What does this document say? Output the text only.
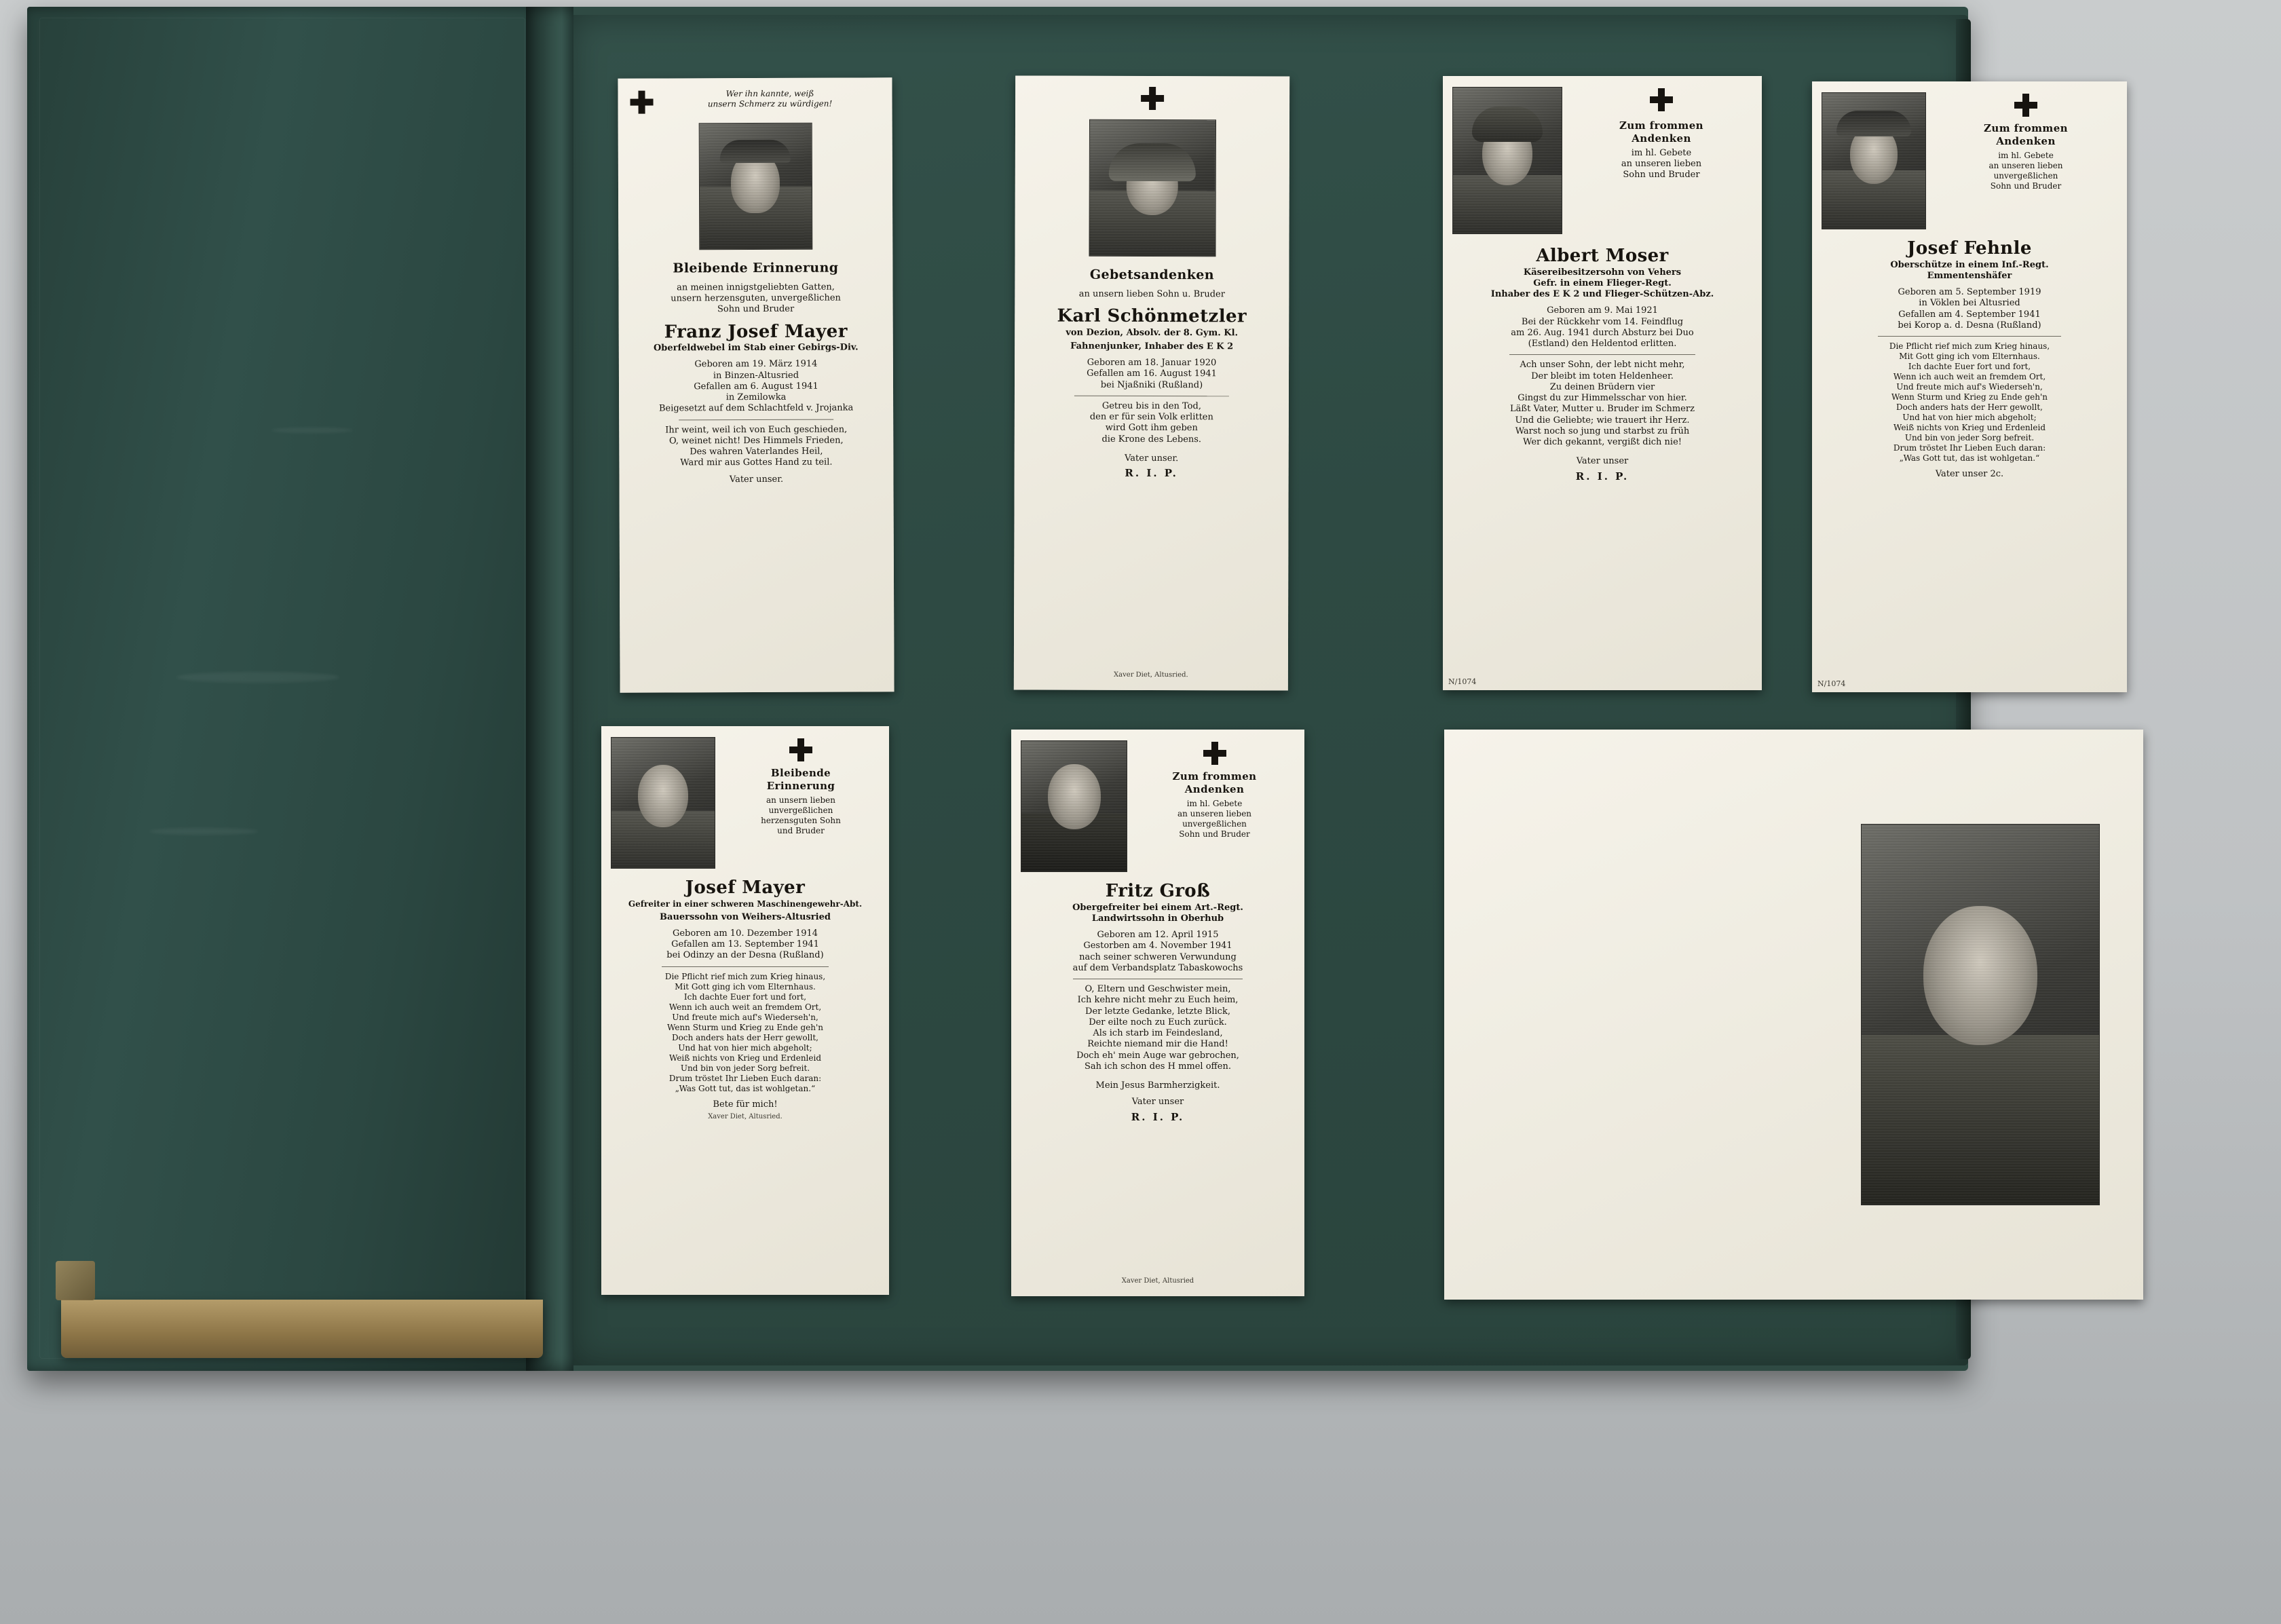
Wer ihn kannte, weiß
unsern Schmerz zu würdigen!
Bleibende Erinnerung
an meinen innigstgeliebten Gatten,
unsern herzensguten, unvergeßlichen
Sohn und Bruder
Franz Josef Mayer
Oberfeldwebel im Stab einer Gebirgs-Div.
Geboren am 19. März 1914
in Binzen-Altusried
Gefallen am 6. August 1941
in Zemilowka
Beigesetzt auf dem Schlachtfeld v. Jrojanka
Ihr weint, weil ich von Euch geschieden,
O, weinet nicht! Des Himmels Frieden,
Des wahren Vaterlandes Heil,
Ward mir aus Gottes Hand zu teil.
Vater unser.
Gebetsandenken
an unsern lieben Sohn u. Bruder
Karl Schönmetzler
von Dezion, Absolv. der 8. Gym. Kl.
Fahnenjunker, Inhaber des E K 2
Geboren am 18. Januar 1920
Gefallen am 16. August 1941
bei Njaßniki (Rußland)
Getreu bis in den Tod,
den er für sein Volk erlitten
wird Gott ihm geben
die Krone des Lebens.
Vater unser.
R. I. P.
Xaver Diet, Altusried.
Zum frommen
Andenken
im hl. Gebete
an unseren lieben
Sohn und Bruder
Albert Moser
Käsereibesitzersohn von Vehers
Gefr. in einem Flieger-Regt.
Inhaber des E K 2 und Flieger-Schützen-Abz.
Geboren am 9. Mai 1921
Bei der Rückkehr vom 14. Feindflug
am 26. Aug. 1941 durch Absturz bei Duo
(Estland) den Heldentod erlitten.
Ach unser Sohn, der lebt nicht mehr,
Der bleibt im toten Heldenheer.
Zu deinen Brüdern vier
Gingst du zur Himmelsschar von hier.
Läßt Vater, Mutter u. Bruder im Schmerz
Und die Geliebte; wie trauert ihr Herz.
Warst noch so jung und starbst zu früh
Wer dich gekannt, vergißt dich nie!
Vater unser
R. I. P.
N/1074
Zum frommen
Andenken
im hl. Gebete
an unseren lieben
unvergeßlichen
Sohn und Bruder
Josef Fehnle
Oberschütze in einem Inf.-Regt.
Emmentenshäfer
Geboren am 5. September 1919
in Vöklen bei Altusried
Gefallen am 4. September 1941
bei Korop a. d. Desna (Rußland)
Die Pflicht rief mich zum Krieg hinaus,
Mit Gott ging ich vom Elternhaus.
Ich dachte Euer fort und fort,
Wenn ich auch weit an fremdem Ort,
Und freute mich auf's Wiederseh'n,
Wenn Sturm und Krieg zu Ende geh'n
Doch anders hats der Herr gewollt,
Und hat von hier mich abgeholt;
Weiß nichts von Krieg und Erdenleid
Und bin von jeder Sorg befreit.
Drum tröstet Ihr Lieben Euch daran:
„Was Gott tut, das ist wohlgetan.“
Vater unser 2c.
N/1074
Bleibende
Erinnerung
an unsern lieben
unvergeßlichen
herzensguten Sohn
und Bruder
Josef Mayer
Gefreiter in einer schweren Maschinengewehr-Abt.
Bauerssohn von Weihers-Altusried
Geboren am 10. Dezember 1914
Gefallen am 13. September 1941
bei Odinzy an der Desna (Rußland)
Die Pflicht rief mich zum Krieg hinaus,
Mit Gott ging ich vom Elternhaus.
Ich dachte Euer fort und fort,
Wenn ich auch weit an fremdem Ort,
Und freute mich auf's Wiederseh'n,
Wenn Sturm und Krieg zu Ende geh'n
Doch anders hats der Herr gewollt,
Und hat von hier mich abgeholt;
Weiß nichts von Krieg und Erdenleid
Und bin von jeder Sorg befreit.
Drum tröstet Ihr Lieben Euch daran:
„Was Gott tut, das ist wohlgetan.“
Bete für mich!
Xaver Diet, Altusried.
Zum frommen
Andenken
im hl. Gebete
an unseren lieben
unvergeßlichen
Sohn und Bruder
Fritz Groß
Obergefreiter bei einem Art.-Regt.
Landwirtssohn in Oberhub
Geboren am 12. April 1915
Gestorben am 4. November 1941
nach seiner schweren Verwundung
auf dem Verbandsplatz Tabaskowochs
O, Eltern und Geschwister mein,
Ich kehre nicht mehr zu Euch heim,
Der letzte Gedanke, letzte Blick,
Der eilte noch zu Euch zurück.
Als ich starb im Feindesland,
Reichte niemand mir die Hand!
Doch eh' mein Auge war gebrochen,
Sah ich schon des H mmel offen.
Mein Jesus Barmherzigkeit.
Vater unser
R. I. P.
Xaver Diet, Altusried
